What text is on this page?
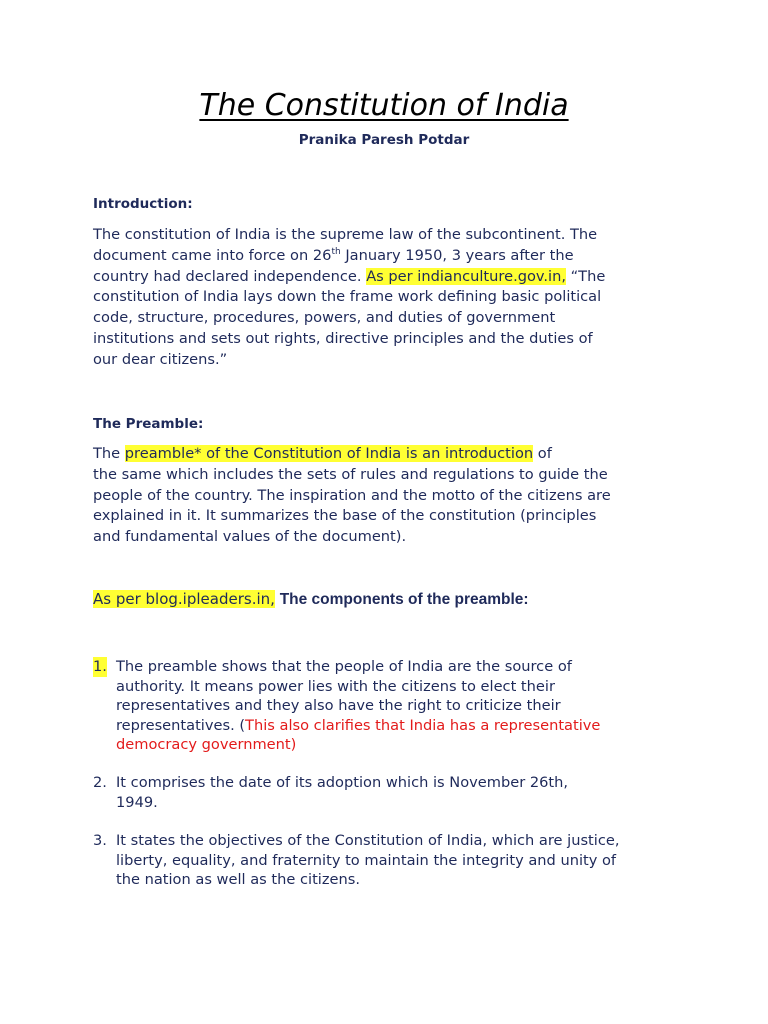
The Constitution of India
Pranika Paresh Potdar
Introduction:
The constitution of India is the supreme law of the subcontinent. The
document came into force on 26th January 1950, 3 years after the
country had declared independence. As per indianculture.gov.in, “The
constitution of India lays down the frame work defining basic political
code, structure, procedures, powers, and duties of government
institutions and sets out rights, directive principles and the duties of
our dear citizens.”
The Preamble:
The preamble* of the Constitution of India is an introduction of
the same which includes the sets of rules and regulations to guide the
people of the country. The inspiration and the motto of the citizens are
explained in it. It summarizes the base of the constitution (principles
and fundamental values of the document).
As per blog.ipleaders.in, The components of the preamble:
1. The preamble shows that the people of India are the source of
authority. It means power lies with the citizens to elect their
representatives and they also have the right to criticize their
representatives. (This also clarifies that India has a representative
democracy government)
2. It comprises the date of its adoption which is November 26th,
1949.
3. It states the objectives of the Constitution of India, which are justice,
liberty, equality, and fraternity to maintain the integrity and unity of
the nation as well as the citizens.
